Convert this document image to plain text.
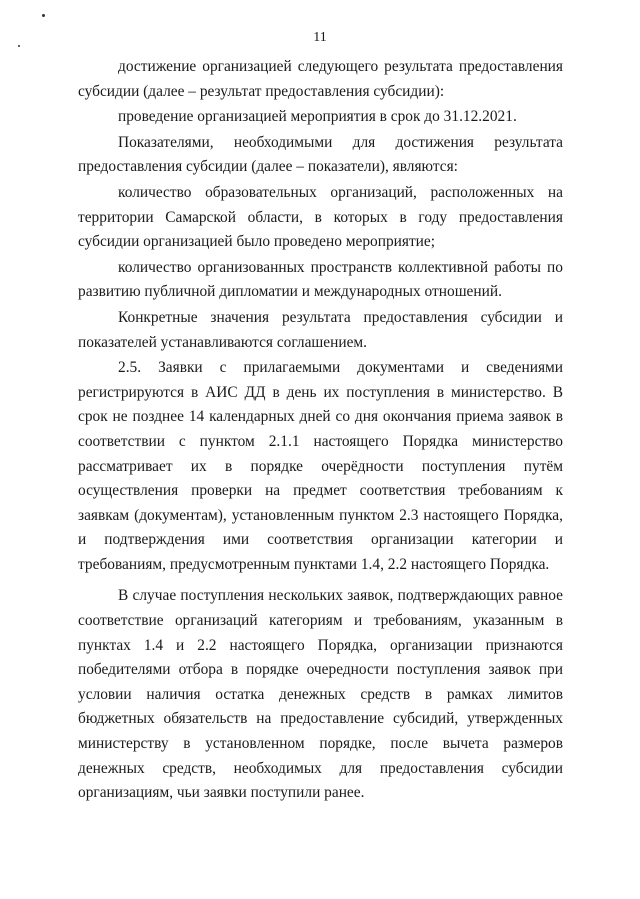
11

достижение организацией следующего результата предоставления субсидии (далее – результат предоставления субсидии):

проведение организацией мероприятия в срок до 31.12.2021.

Показателями, необходимыми для достижения результата предоставления субсидии (далее – показатели), являются:

количество образовательных организаций, расположенных на территории Самарской области, в которых в году предоставления субсидии организацией было проведено мероприятие;

количество организованных пространств коллективной работы по развитию публичной дипломатии и международных отношений.

Конкретные значения результата предоставления субсидии и показателей устанавливаются соглашением.

2.5. Заявки с прилагаемыми документами и сведениями регистрируются в АИС ДД в день их поступления в министерство. В срок не позднее 14 календарных дней со дня окончания приема заявок в соответствии с пунктом 2.1.1 настоящего Порядка министерство рассматривает их в порядке очерёдности поступления путём осуществления проверки на предмет соответствия требованиям к заявкам (документам), установленным пунктом 2.3 настоящего Порядка, и подтверждения ими соответствия организации категории и требованиям, предусмотренным пунктами 1.4, 2.2 настоящего Порядка.

В случае поступления нескольких заявок, подтверждающих равное соответствие организаций категориям и требованиям, указанным в пунктах 1.4 и 2.2 настоящего Порядка, организации признаются победителями отбора в порядке очередности поступления заявок при условии наличия остатка денежных средств в рамках лимитов бюджетных обязательств на предоставление субсидий, утвержденных министерству в установленном порядке, после вычета размеров денежных средств, необходимых для предоставления субсидии организациям, чьи заявки поступили ранее.
